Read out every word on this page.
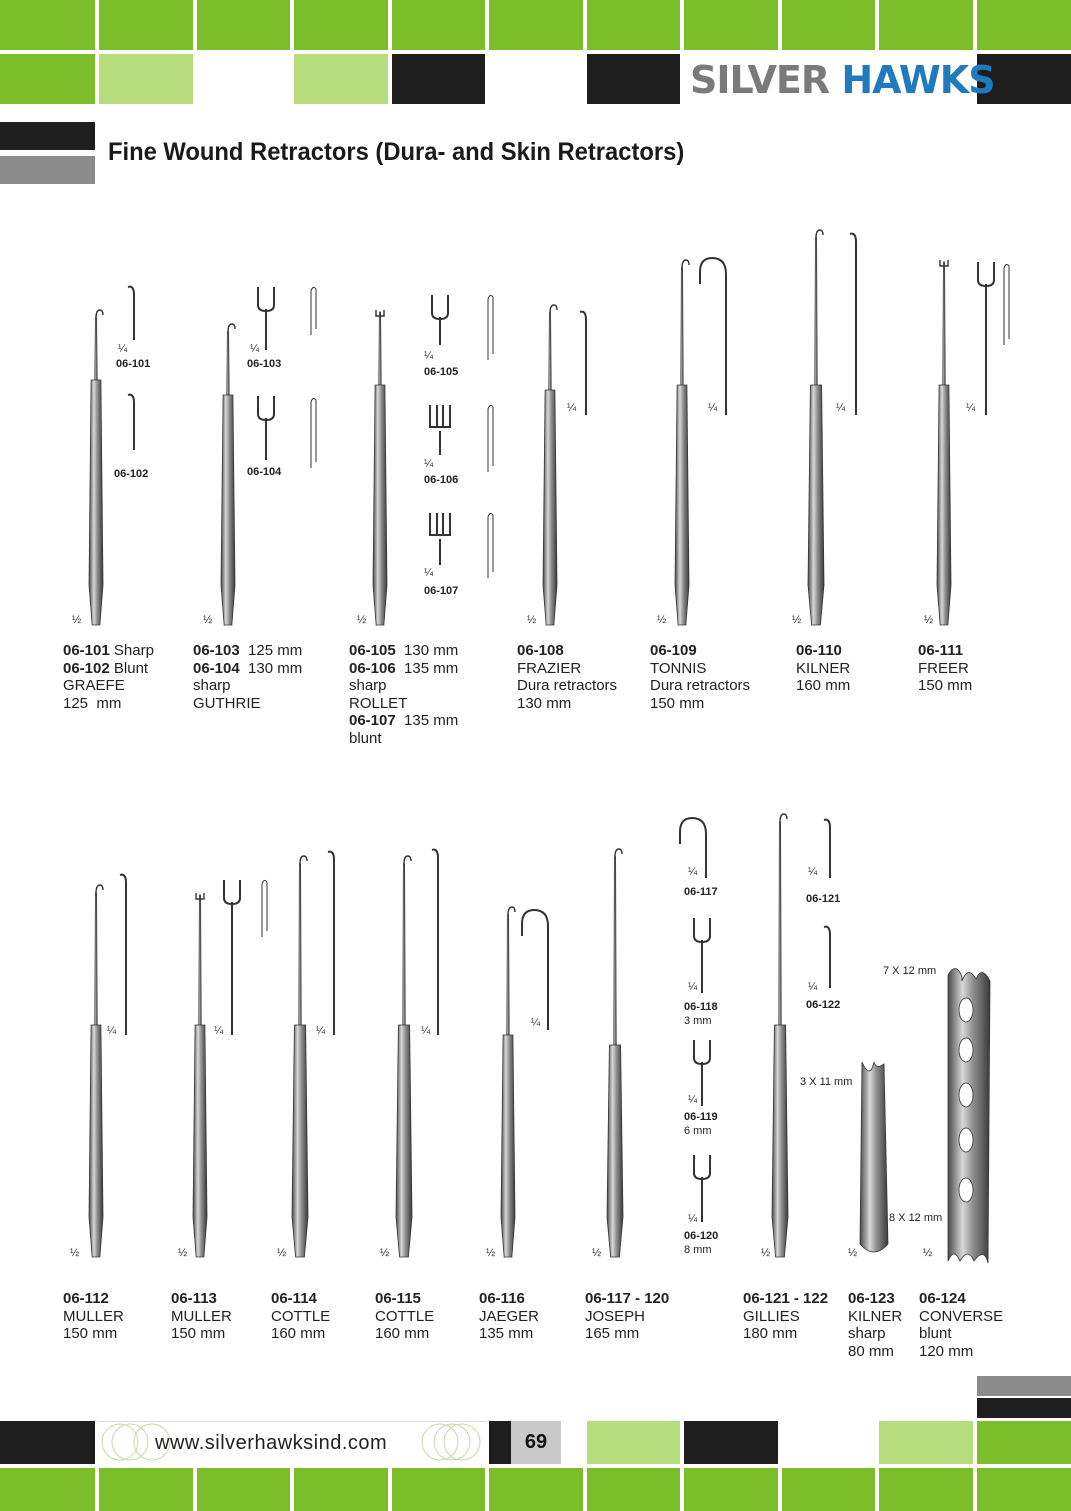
SILVER HAWKS
Fine Wound Retractors (Dura- and Skin Retractors)
½	½	½	½	½	½	½
½	½	½	½	½	½	½	½	½
¼	¼
¼
¼
¼
¼	¼	¼	¼
¼	¼	¼	¼
¼
¼
¼
¼
¼
¼
¼
06-101
06-102
06-103
06-104
06-105
06-106
06-107
06-117
06-118
3 mm
06-119
6 mm
06-120
8 mm
06-121
06-122
7 X 12 mm
3 X 11 mm
8 X 12 mm
06-101 Sharp
06-102 Blunt
GRAEFE
125  mm
06-103  125 mm
06-104  130 mm
sharp
GUTHRIE
06-105  130 mm
06-106  135 mm
sharp
ROLLET
06-107  135 mm
blunt
06-108
FRAZIER
Dura retractors
130 mm
06-109
TONNIS
Dura retractors
150 mm
06-110
KILNER
160 mm
06-111
FREER
150 mm
06-112
MULLER
150 mm
06-113
MULLER
150 mm
06-114
COTTLE
160 mm
06-115
COTTLE
160 mm
06-116
JAEGER
135 mm
06-117 - 120
JOSEPH
165 mm
06-121 - 122
GILLIES
180 mm
06-123
KILNER
sharp
80 mm
06-124
CONVERSE
blunt
120 mm
www.silverhawksind.com	69
